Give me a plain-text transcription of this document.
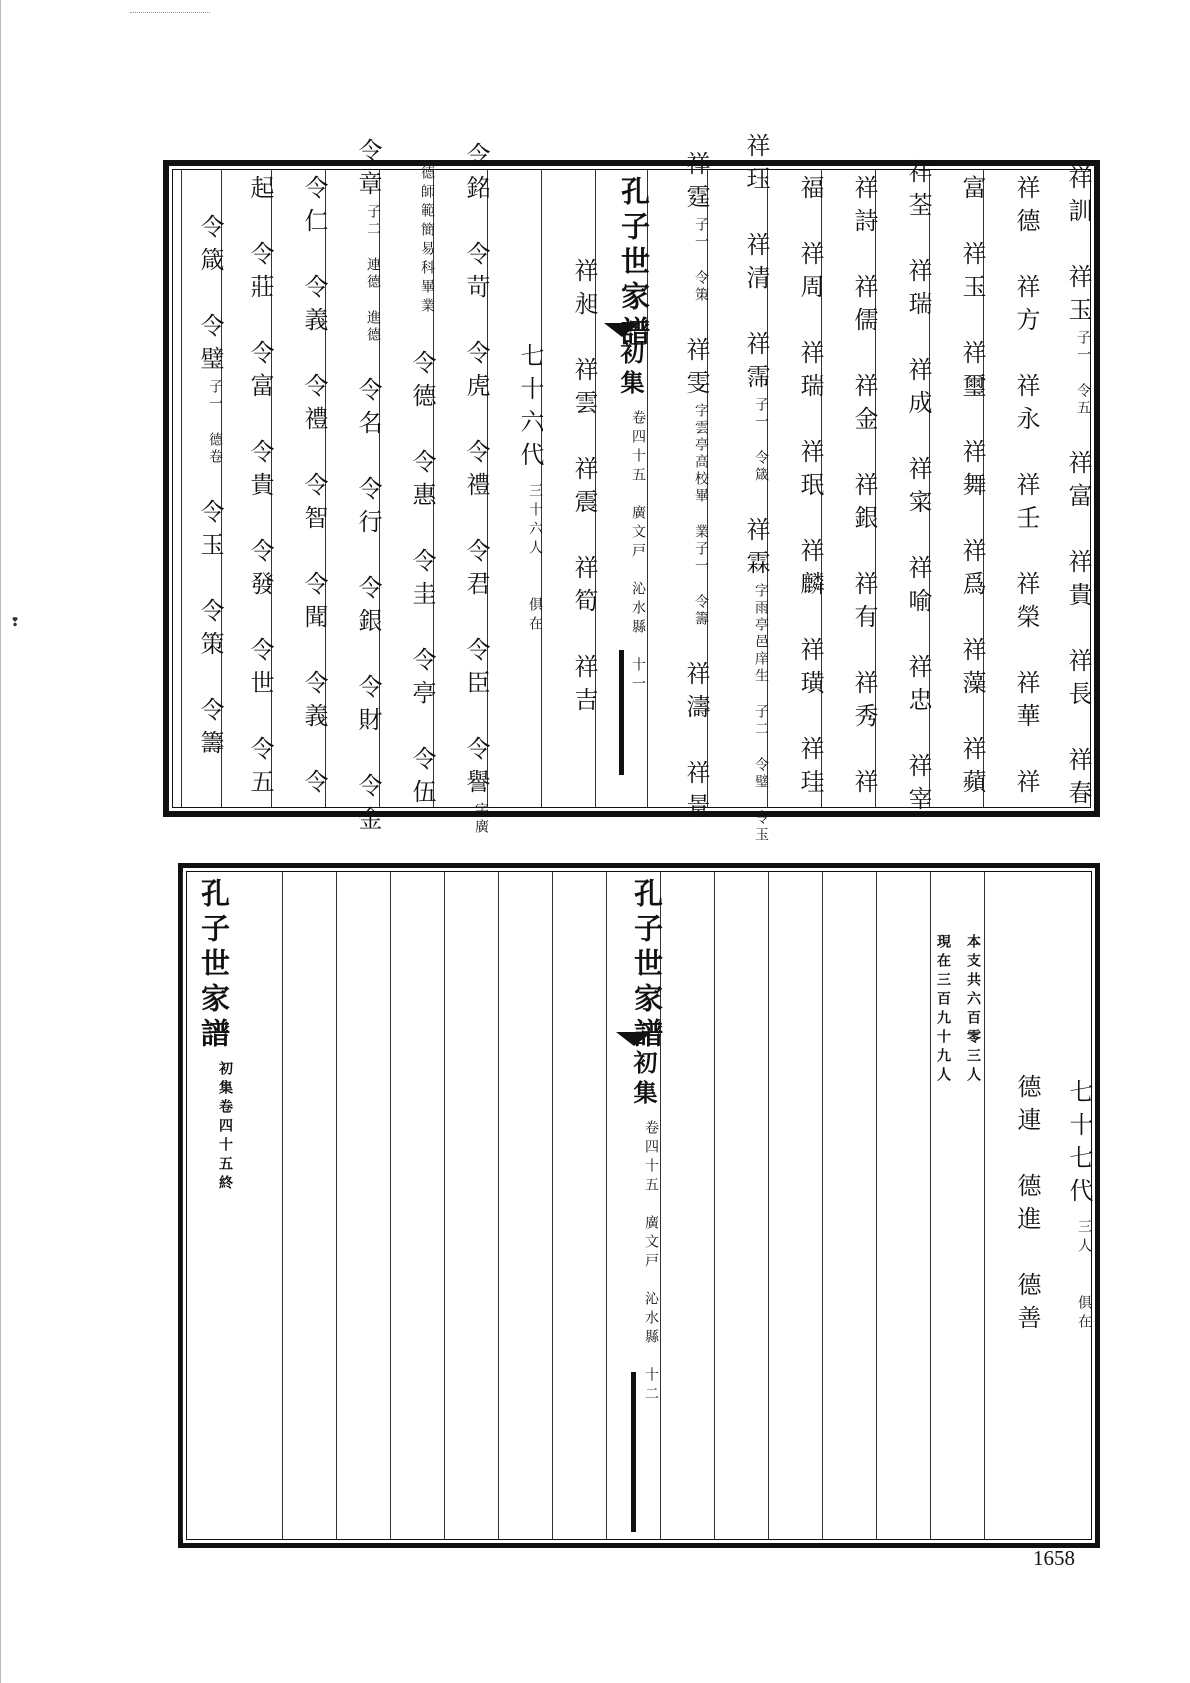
❢
祥訓　祥玉
子一 令五
　祥富　祥貴　祥長　祥春
祥德　祥方　祥永　祥壬　祥榮　祥華　祥
富　祥玉　祥璽　祥舞　祥爲　祥藻　祥蘋
祥荃　祥瑞　祥成　祥寀　祥喻　祥忠　祥宰
祥詩　祥儒　祥金　祥銀　祥有　祥秀　祥
福　祥周　祥瑞　祥珉　祥麟　祥璜　祥珪
祥珏　祥清　祥霈
子一 令箴
　祥霖
字雨亭邑庠生 子二 令璧 令玉
祥霆
子一 令策
　祥雯
字雲亭高校畢 業子一 令籌
　祥濤　祥景
孔子世家譜
初集
卷四十五　廣文戸　沁水縣　十一
祥昶　祥雲　祥震　祥筍　祥吉
七十六代
三十六人　　俱在
令銘　令苛　令虎　令禮　令君　令臣　令譽
字廣
德師範簡易科畢業
　令德　令惠　令圭　令亭　令伍
令章
子二 連德 進德
　令名　令行　令銀　令財　令金
令仁　令義　令禮　令智　令聞　令義　令
起　令莊　令富　令貴　令發　令世　令五
令箴　令璧
子一 德卷
　令玉　令策　令籌
七十七代
三人　　俱在
德連　德進　德善
本支共六百零三人
現在三百九十九人
孔子世家譜
初集
卷四十五　廣文戸　沁水縣　十二
孔子世家譜
初集卷四十五終
1658
